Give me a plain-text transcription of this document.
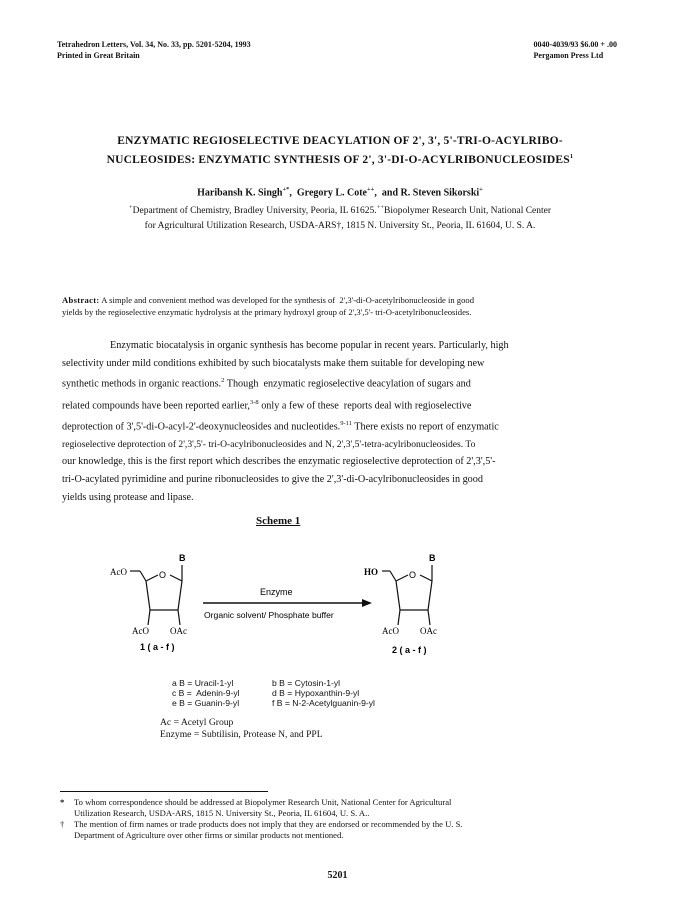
Tetrahedron Letters, Vol. 34, No. 33, pp. 5201-5204, 1993
Printed in Great Britain
0040-4039/93 $6.00 + .00
Pergamon Press Ltd
ENZYMATIC REGIOSELECTIVE DEACYLATION OF 2', 3', 5'-TRI-O-ACYLRIBO-
NUCLEOSIDES: ENZYMATIC SYNTHESIS OF 2', 3'-DI-O-ACYLRIBONUCLEOSIDES$^1$
Haribansh K. Singh+*,  Gregory L. Cote++,  and R. Steven Sikorski+
+Department of Chemistry, Bradley University, Peoria, IL 61625.++Biopolymer Research Unit, National Center
for Agricultural Utilization Research, USDA-ARS†, 1815 N. University St., Peoria, IL 61604, U. S. A.
Abstract: A simple and convenient method was developed for the synthesis of  2',3'-di-O-acetylribonucleoside in good
yields by the regioselective enzymatic hydrolysis at the primary hydroxyl group of 2',3',5'- tri-O-acetylribonucleosides.
Enzymatic biocatalysis in organic synthesis has become popular in recent years. Particularly, high
selectivity under mild conditions exhibited by such biocatalysts make them suitable for developing new
synthetic methods in organic reactions.$^2$ Though  enzymatic regioselective deacylation of sugars and
related compounds have been reported earlier,$^{3-8}$ only a few of these  reports deal with regioselective
deprotection of 3',5'-di-O-acyl-2'-deoxynucleosides and nucleotides.$^{9-11}$ There exists no report of enzymatic
regioselective deprotection of 2',3',5'- tri-O-acylribonucleosides and N, 2',3',5'-tetra-acylribonucleosides. To
our knowledge, this is the first report which describes the enzymatic regioselective deprotection of 2',3',5'-
tri-O-acylated pyrimidine and purine ribonucleosides to give the 2',3'-di-O-acylribonucleosides in good
yields using protease and lipase.
Scheme 1
B
O
AcO
AcO OAc
1 ( a - f )
Enzyme
Organic solvent/ Phosphate buffer
B
O
HO
AcO OAc
2 ( a - f )
a B = Uracil-1-yl	b B = Cytosin-1-yl
c B =  Adenin-9-yl	d B = Hypoxanthin-9-yl
e B = Guanin-9-yl	f B = N-2-Acetylguanin-9-yl
Ac = Acetyl Group
Enzyme = Subtilisin, Protease N, and PPL
*	To whom correspondence should be addressed at Biopolymer Research Unit, National Center for Agricultural
Utilization Research, USDA-ARS, 1815 N. University St., Peoria, IL 61604, U. S. A..
†	The mention of firm names or trade products does not imply that they are endorsed or recommended by the U. S.
Department of Agriculture over other firms or similar products not mentioned.
5201
